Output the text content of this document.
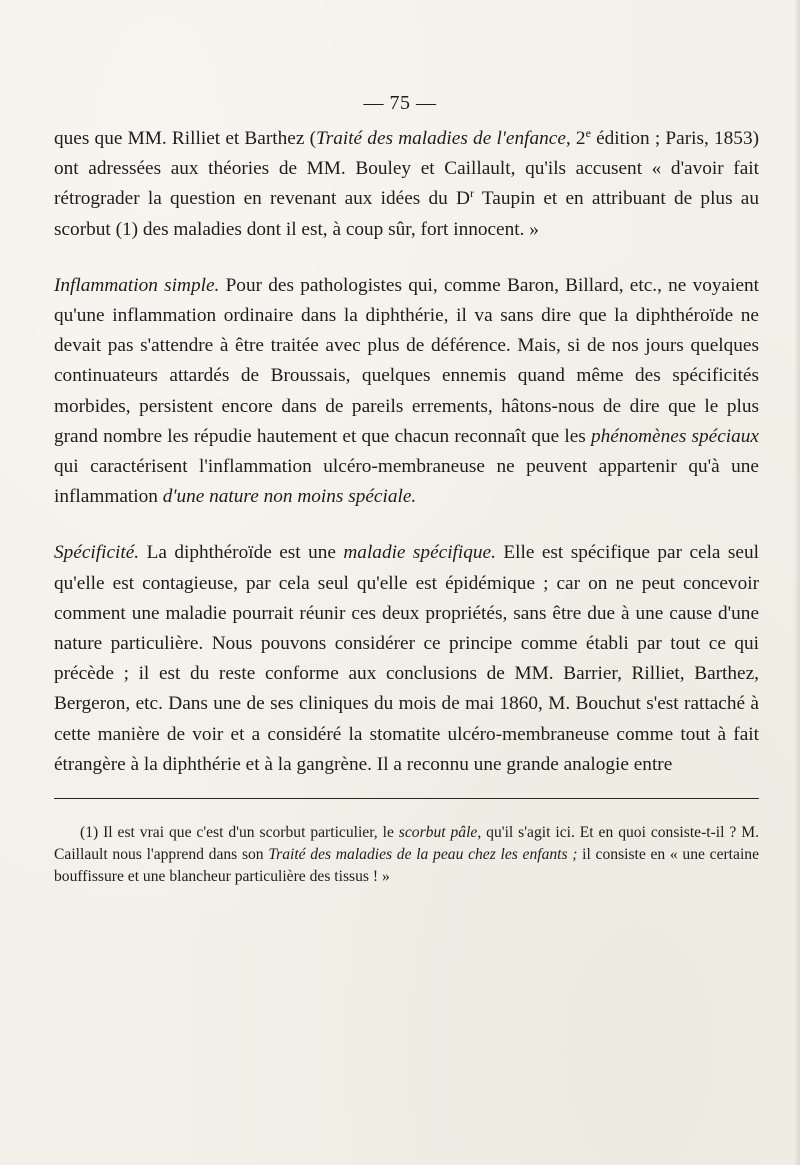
— 75 —

ques que MM. Rilliet et Barthez (Traité des maladies de l'enfance, 2e édition ; Paris, 1853) ont adressées aux théories de MM. Bouley et Caillault, qu'ils accusent « d'avoir fait rétrograder la question en revenant aux idées du $D^r$ Taupin et en attribuant de plus au scorbut (1) des maladies dont il est, à coup sûr, fort innocent. »

Inflammation simple. Pour des pathologistes qui, comme Baron, Billard, etc., ne voyaient qu'une inflammation ordinaire dans la diphthérie, il va sans dire que la diphthéroïde ne devait pas s'attendre à être traitée avec plus de déférence. Mais, si de nos jours quelques continuateurs attardés de Broussais, quelques ennemis quand même des spécificités morbides, persistent encore dans de pareils errements, hâtons-nous de dire que le plus grand nombre les répudie hautement et que chacun reconnaît que les phénomènes spéciaux qui caractérisent l'inflammation ulcéro-membraneuse ne peuvent appartenir qu'à une inflammation d'une nature non moins spéciale.

Spécificité. La diphthéroïde est une maladie spécifique. Elle est spécifique par cela seul qu'elle est contagieuse, par cela seul qu'elle est épidémique ; car on ne peut concevoir comment une maladie pourrait réunir ces deux propriétés, sans être due à une cause d'une nature particulière. Nous pouvons considérer ce principe comme établi par tout ce qui précède ; il est du reste conforme aux conclusions de MM. Barrier, Rilliet, Barthez, Bergeron, etc. Dans une de ses cliniques du mois de mai 1860, M. Bouchut s'est rattaché à cette manière de voir et a considéré la stomatite ulcéro-membraneuse comme tout à fait étrangère à la diphthérie et à la gangrène. Il a reconnu une grande analogie entre

(1) Il est vrai que c'est d'un scorbut particulier, le scorbut pâle, qu'il s'agit ici. Et en quoi consiste-t-il ? M. Caillault nous l'apprend dans son Traité des maladies de la peau chez les enfants ; il consiste en « une certaine bouffissure et une blancheur particulière des tissus ! »
